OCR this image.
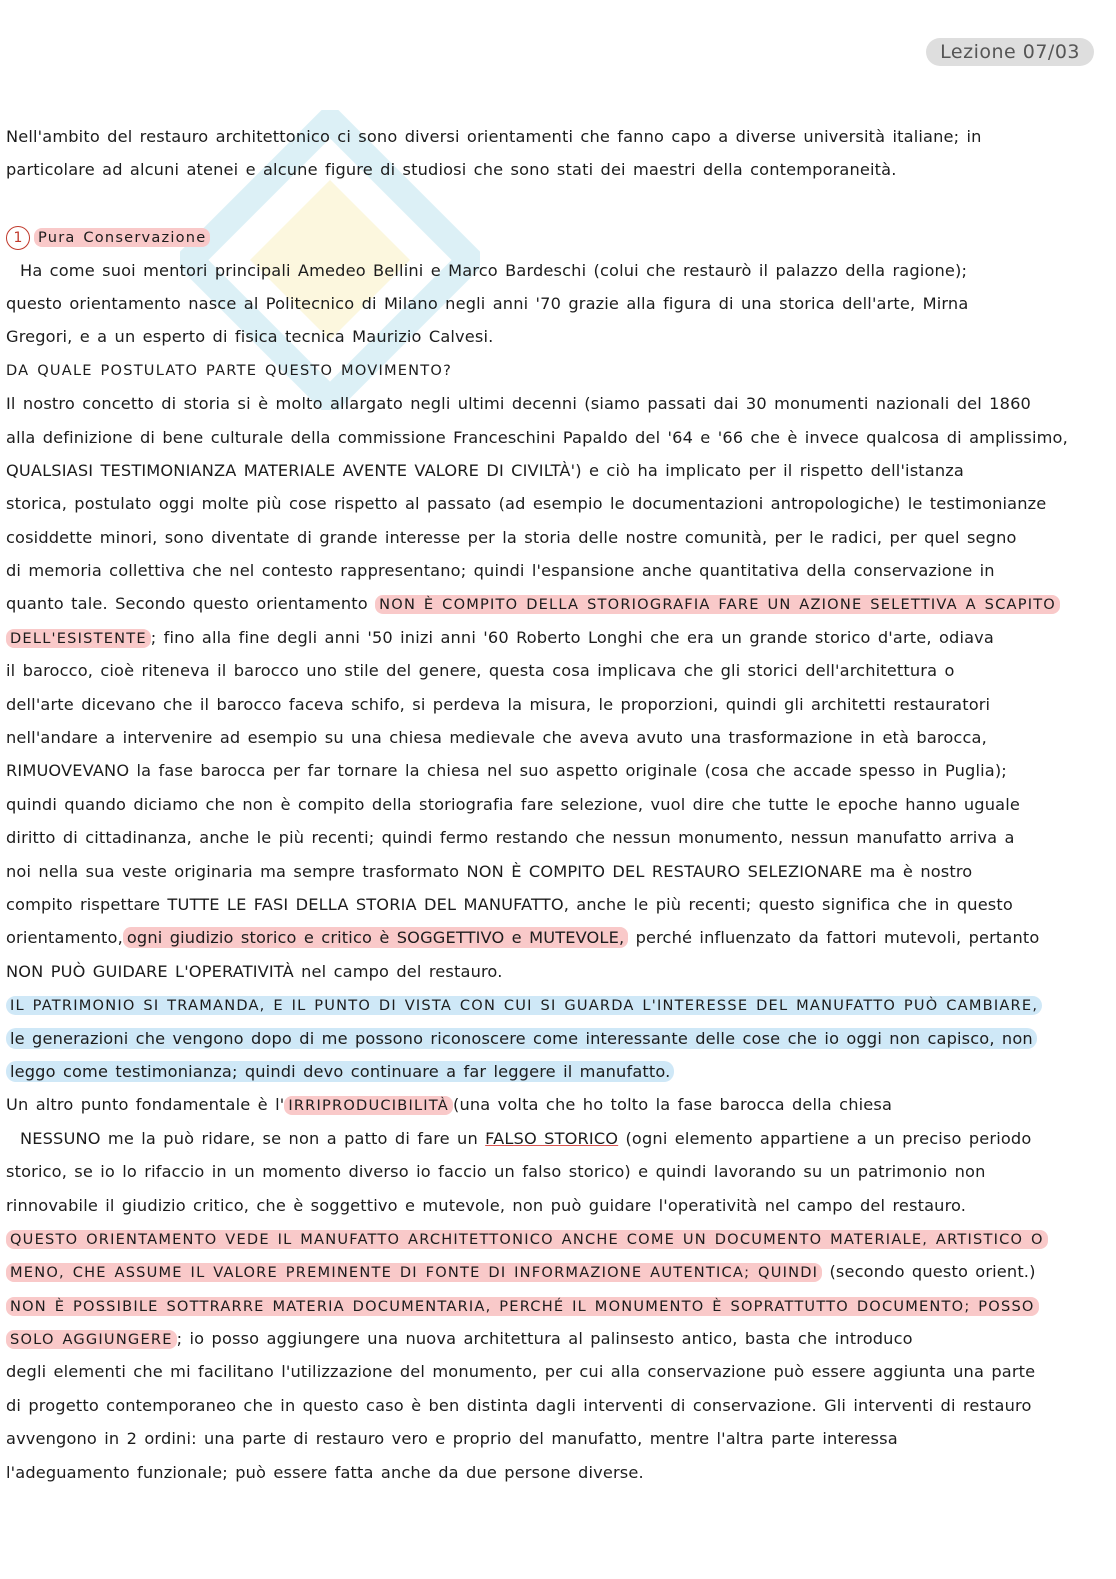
Lezione 07/03
Nell'ambito del restauro architettonico ci sono diversi orientamenti che fanno capo a diverse università italiane; in
particolare ad alcuni atenei e alcune figure di studiosi che sono stati dei maestri della contemporaneità.
1 Pura Conservazione
Ha come suoi mentori principali Amedeo Bellini e Marco Bardeschi (colui che restaurò il palazzo della ragione);
questo orientamento nasce al Politecnico di Milano negli anni '70 grazie alla figura di una storica dell'arte, Mirna
Gregori, e a un esperto di fisica tecnica Maurizio Calvesi.
DA QUALE POSTULATO PARTE QUESTO MOVIMENTO?
Il nostro concetto di storia si è molto allargato negli ultimi decenni (siamo passati dai 30 monumenti nazionali del 1860
alla definizione di bene culturale della commissione Franceschini Papaldo del '64 e '66 che è invece qualcosa di amplissimo,
QUALSIASI TESTIMONIANZA MATERIALE AVENTE VALORE DI CIVILTÀ') e ciò ha implicato per il rispetto dell'istanza
storica, postulato oggi molte più cose rispetto al passato (ad esempio le documentazioni antropologiche) le testimonianze
cosiddette minori, sono diventate di grande interesse per la storia delle nostre comunità, per le radici, per quel segno
di memoria collettiva che nel contesto rappresentano; quindi l'espansione anche quantitativa della conservazione in
quanto tale. Secondo questo orientamento NON È COMPITO DELLA STORIOGRAFIA FARE UN AZIONE SELETTIVA A SCAPITO
DELL'ESISTENTE ; fino alla fine degli anni '50 inizi anni '60 Roberto Longhi che era un grande storico d'arte, odiava
il barocco, cioè riteneva il barocco uno stile del genere, questa cosa implicava che gli storici dell'architettura o
dell'arte dicevano che il barocco faceva schifo, si perdeva la misura, le proporzioni, quindi gli architetti restauratori
nell'andare a intervenire ad esempio su una chiesa medievale che aveva avuto una trasformazione in età barocca,
RIMUOVEVANO la fase barocca per far tornare la chiesa nel suo aspetto originale (cosa che accade spesso in Puglia);
quindi quando diciamo che non è compito della storiografia fare selezione, vuol dire che tutte le epoche hanno uguale
diritto di cittadinanza, anche le più recenti; quindi fermo restando che nessun monumento, nessun manufatto arriva a
noi nella sua veste originaria ma sempre trasformato NON È COMPITO DEL RESTAURO SELEZIONARE ma è nostro
compito rispettare TUTTE LE FASI DELLA STORIA DEL MANUFATTO, anche le più recenti; questo significa che in questo
orientamento, ogni giudizio storico e critico è SOGGETTIVO e MUTEVOLE, perché influenzato da fattori mutevoli, pertanto
NON PUÒ GUIDARE L'OPERATIVITÀ nel campo del restauro.
IL PATRIMONIO SI TRAMANDA, E IL PUNTO DI VISTA CON CUI SI GUARDA L'INTERESSE DEL MANUFATTO PUÒ CAMBIARE,
le generazioni che vengono dopo di me possono riconoscere come interessante delle cose che io oggi non capisco, non
leggo come testimonianza; quindi devo continuare a far leggere il manufatto.
Un altro punto fondamentale è l' IRRIPRODUCIBILITÀ (una volta che ho tolto la fase barocca della chiesa
NESSUNO me la può ridare, se non a patto di fare un FALSO STORICO (ogni elemento appartiene a un preciso periodo
storico, se io lo rifaccio in un momento diverso io faccio un falso storico) e quindi lavorando su un patrimonio non
rinnovabile il giudizio critico, che è soggettivo e mutevole, non può guidare l'operatività nel campo del restauro.
QUESTO ORIENTAMENTO VEDE IL MANUFATTO ARCHITETTONICO ANCHE COME UN DOCUMENTO MATERIALE, ARTISTICO O
MENO, CHE ASSUME IL VALORE PREMINENTE DI FONTE DI INFORMAZIONE AUTENTICA; QUINDI (secondo questo orient.)
NON È POSSIBILE SOTTRARRE MATERIA DOCUMENTARIA, PERCHÉ IL MONUMENTO È SOPRATTUTTO DOCUMENTO; POSSO
SOLO AGGIUNGERE ; io posso aggiungere una nuova architettura al palinsesto antico, basta che introduco
degli elementi che mi facilitano l'utilizzazione del monumento, per cui alla conservazione può essere aggiunta una parte
di progetto contemporaneo che in questo caso è ben distinta dagli interventi di conservazione. Gli interventi di restauro
avvengono in 2 ordini: una parte di restauro vero e proprio del manufatto, mentre l'altra parte interessa
l'adeguamento funzionale; può essere fatta anche da due persone diverse.
